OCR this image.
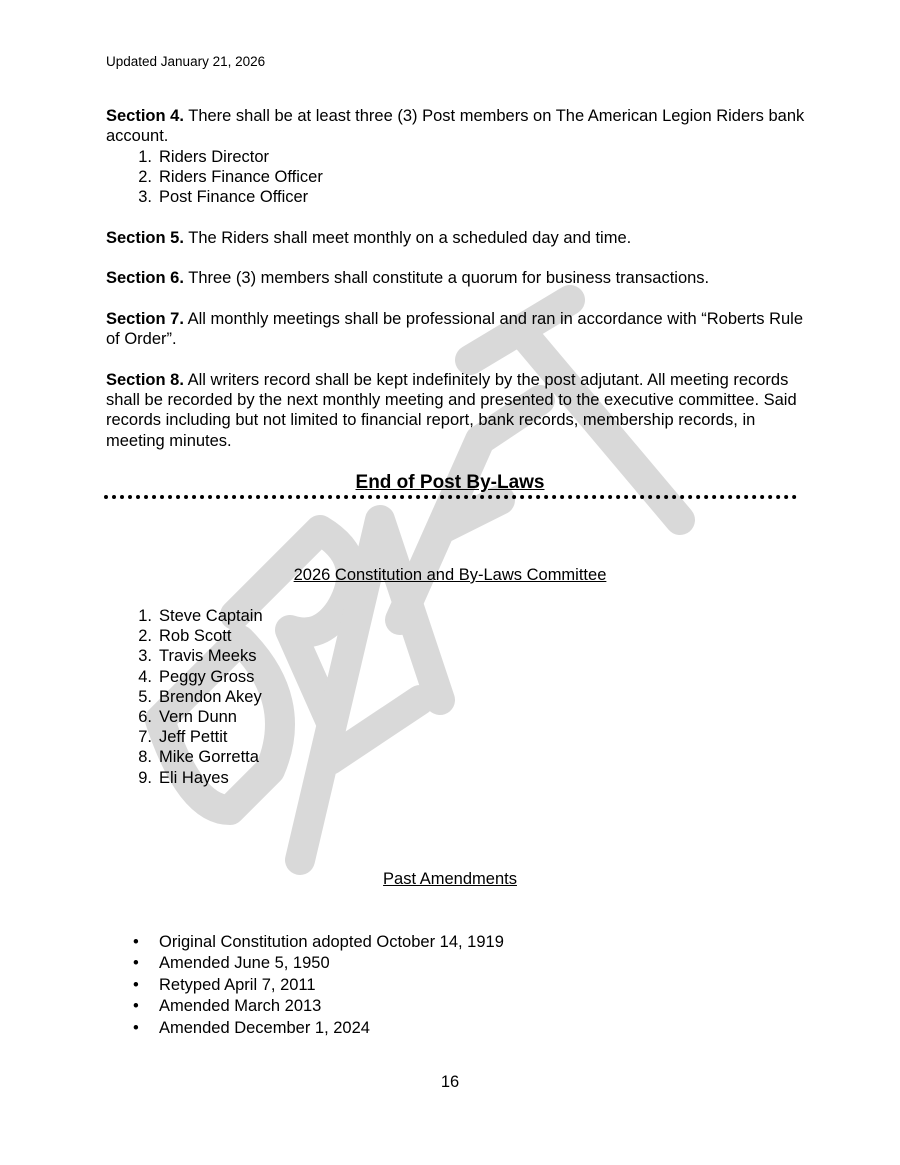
Updated January 21, 2026

Section 4. There shall be at least three (3) Post members on The American Legion Riders bank account.

1. Riders Director
2. Riders Finance Officer
3. Post Finance Officer

Section 5. The Riders shall meet monthly on a scheduled day and time.

Section 6. Three (3) members shall constitute a quorum for business transactions.

Section 7. All monthly meetings shall be professional and ran in accordance with “Roberts Rule of Order”.

Section 8. All writers record shall be kept indefinitely by the post adjutant. All meeting records shall be recorded by the next monthly meeting and presented to the executive committee. Said records including but not limited to financial report, bank records, membership records, in meeting minutes.

End of Post By-Laws
2026 Constitution and By-Laws Committee
1. Steve Captain
2. Rob Scott
3. Travis Meeks
4. Peggy Gross
5. Brendon Akey
6. Vern Dunn
7. Jeff Pettit
8. Mike Gorretta
9. Eli Hayes
Past Amendments
• Original Constitution adopted October 14, 1919
• Amended June 5, 1950
• Retyped April 7, 2011
• Amended March 2013
• Amended December 1, 2024
16
